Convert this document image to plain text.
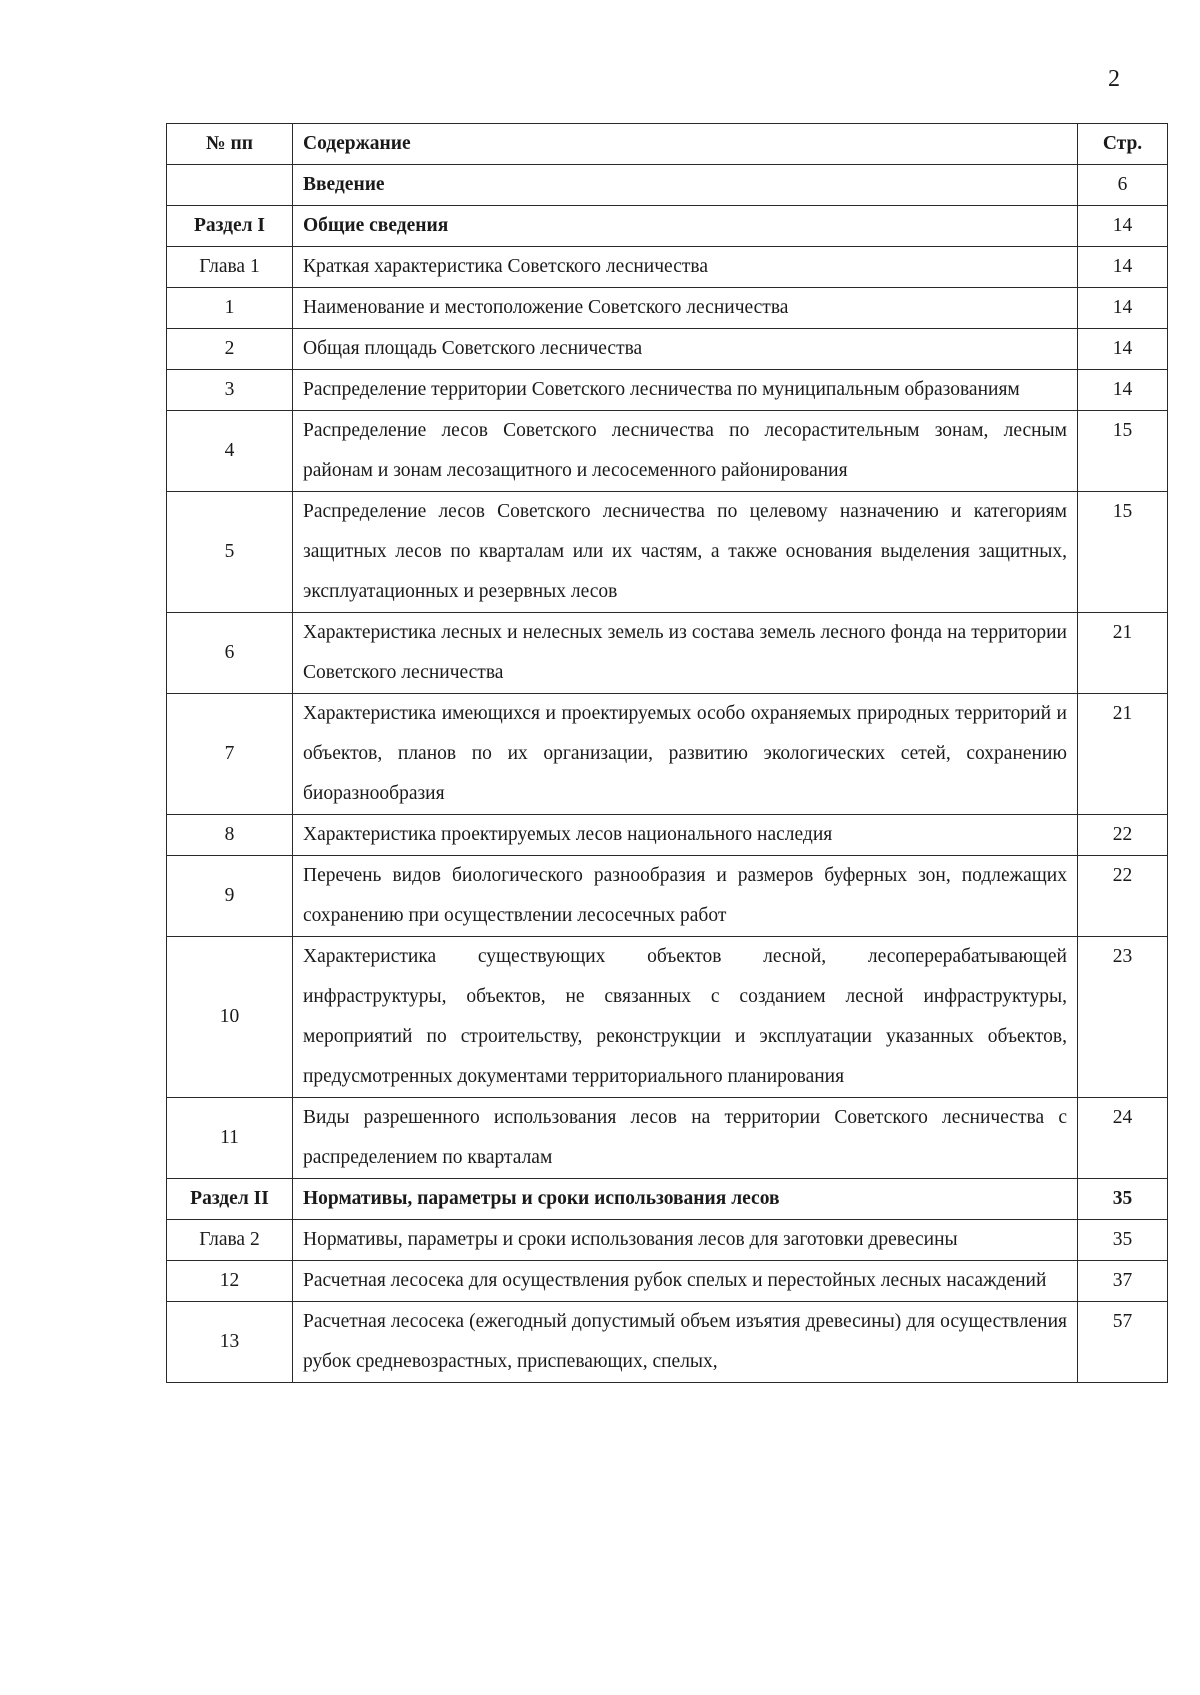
2
№ пп	Содержание	Стр.
	Введение	6
Раздел I	Общие сведения	14
Глава 1	Краткая характеристика Советского лесничества	14
1	Наименование и местоположение Советского лесничества	14
2	Общая площадь Советского лесничества	14
3	Распределение территории Советского лесничества по муниципальным образованиям	14
4	Распределение лесов Советского лесничества по лесорастительным зонам, лесным районам и зонам лесозащитного и лесосеменного районирования	15
5	Распределение лесов Советского лесничества по целевому назначению и категориям защитных лесов по кварталам или их частям, а также основания выделения защитных, эксплуатационных и резервных лесов	15
6	Характеристика лесных и нелесных земель из состава земель лесного фонда на территории Советского лесничества	21
7	Характеристика имеющихся и проектируемых особо охраняемых природных территорий и объектов, планов по их организации, развитию экологических сетей, сохранению биоразнообразия	21
8	Характеристика проектируемых лесов национального наследия	22
9	Перечень видов биологического разнообразия и размеров буферных зон, подлежащих сохранению при осуществлении лесосечных работ	22
10	Характеристика существующих объектов лесной, лесоперерабатывающей инфраструктуры, объектов, не связанных с созданием лесной инфраструктуры, мероприятий по строительству, реконструкции и эксплуатации указанных объектов, предусмотренных документами территориального планирования	23
11	Виды разрешенного использования лесов на территории Советского лесничества с распределением по кварталам	24
Раздел II	Нормативы, параметры и сроки использования лесов	35
Глава 2	Нормативы, параметры и сроки использования лесов для заготовки древесины	35
12	Расчетная лесосека для осуществления рубок спелых и перестойных лесных насаждений	37
13	Расчетная лесосека (ежегодный допустимый объем изъятия древесины) для осуществления рубок средневозрастных, приспевающих, спелых,	57
